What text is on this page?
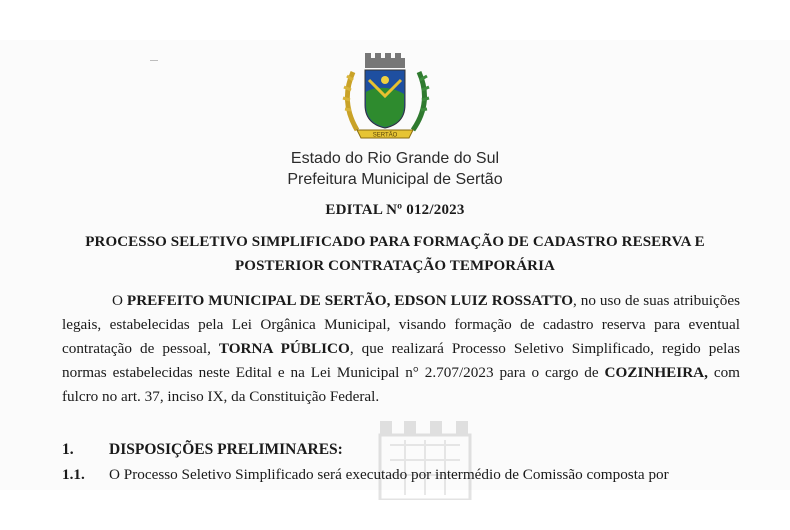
SERTÃO
Estado do Rio Grande do Sul
Prefeitura Municipal de Sertão
EDITAL Nº 012/2023
PROCESSO SELETIVO SIMPLIFICADO PARA FORMAÇÃO DE CADASTRO RESERVA E POSTERIOR CONTRATAÇÃO TEMPORÁRIA
O PREFEITO MUNICIPAL DE SERTÃO, EDSON LUIZ ROSSATTO, no uso de suas atribuições legais, estabelecidas pela Lei Orgânica Municipal, visando formação de cadastro reserva para eventual contratação de pessoal, TORNA PÚBLICO, que realizará Processo Seletivo Simplificado, regido pelas normas estabelecidas neste Edital e na Lei Municipal n° 2.707/2023 para o cargo de COZINHEIRA, com fulcro no art. 37, inciso IX, da Constituição Federal.
1. DISPOSIÇÕES PRELIMINARES:
1.1. O Processo Seletivo Simplificado será executado por intermédio de Comissão composta por
